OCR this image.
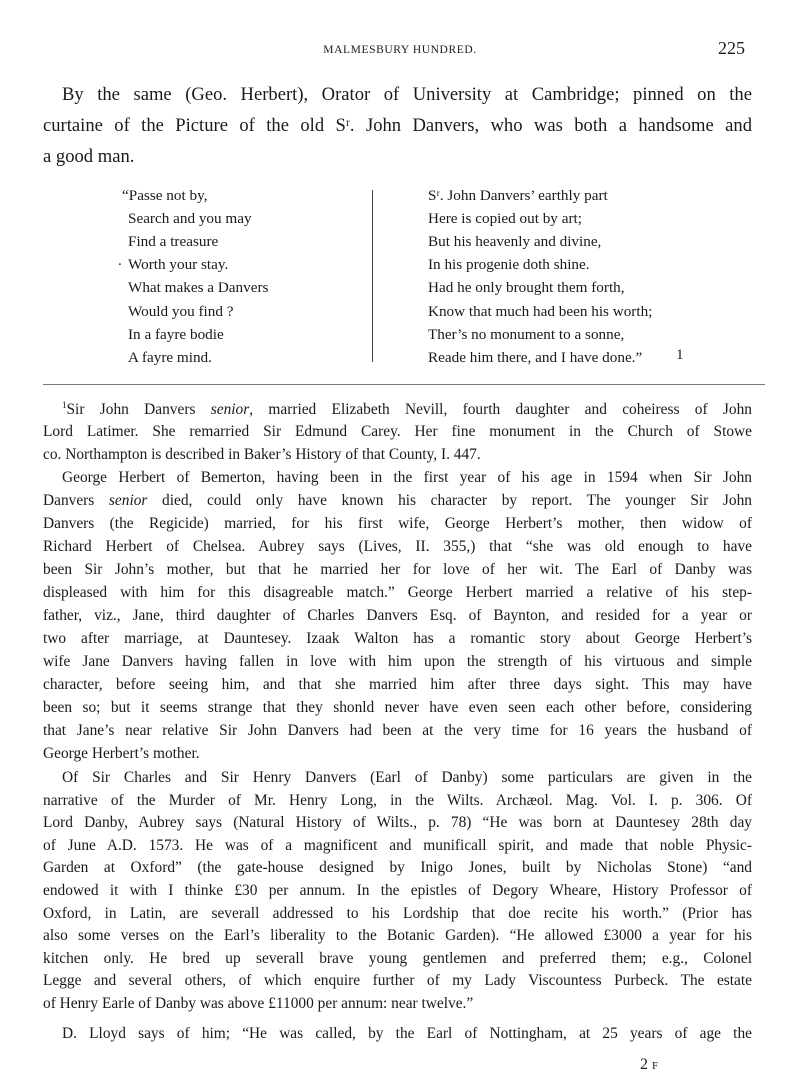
MALMESBURY HUNDRED.	225
By the same (Geo. Herbert), Orator of University at Cambridge; pinned on the
curtaine of the Picture of the old Sʳ. John Danvers, who was both a handsome and
a good man.
“Passe not by,
Search and you may
Find a treasure
Worth your stay.
What makes a Danvers
Would you find ?
In a fayre bodie
A fayre mind.
Sʳ. John Danvers’ earthly part
Here is copied out by art;
But his heavenly and divine,
In his progenie doth shine.
Had he only brought them forth,
Know that much had been his worth;
Ther’s no monument to a sonne,
Reade him there, and I have done.” 1
.
$^1$Sir John Danvers senior, married Elizabeth Nevill, fourth daughter and coheiress of John
Lord Latimer. She remarried Sir Edmund Carey. Her fine monument in the Church of Stowe
co. Northampton is described in Baker’s History of that County, I. 447.
George Herbert of Bemerton, having been in the first year of his age in 1594 when Sir John
Danvers senior died, could only have known his character by report. The younger Sir John
Danvers (the Regicide) married, for his first wife, George Herbert’s mother, then widow of
Richard Herbert of Chelsea. Aubrey says (Lives, II. 355,) that “she was old enough to have
been Sir John’s mother, but that he married her for love of her wit. The Earl of Danby was
displeased with him for this disagreable match.” George Herbert married a relative of his step-
father, viz., Jane, third daughter of Charles Danvers Esq. of Baynton, and resided for a year or
two after marriage, at Dauntesey. Izaak Walton has a romantic story about George Herbert’s
wife Jane Danvers having fallen in love with him upon the strength of his virtuous and simple
character, before seeing him, and that she married him after three days sight. This may have
been so; but it seems strange that they shonld never have even seen each other before, considering
that Jane’s near relative Sir John Danvers had been at the very time for 16 years the husband of
George Herbert’s mother.
Of Sir Charles and Sir Henry Danvers (Earl of Danby) some particulars are given in the
narrative of the Murder of Mr. Henry Long, in the Wilts. Archæol. Mag. Vol. I. p. 306. Of
Lord Danby, Aubrey says (Natural History of Wilts., p. 78) “He was born at Dauntesey 28th day
of June A.D. 1573. He was of a magnificent and munificall spirit, and made that noble Physic-
Garden at Oxford” (the gate-house designed by Inigo Jones, built by Nicholas Stone) “and
endowed it with I thinke £30 per annum. In the epistles of Degory Wheare, History Professor of
Oxford, in Latin, are severall addressed to his Lordship that doe recite his worth.” (Prior has
also some verses on the Earl’s liberality to the Botanic Garden). “He allowed £3000 a year for his
kitchen only. He bred up severall brave young gentlemen and preferred them; e.g., Colonel
Legge and several others, of which enquire further of my Lady Viscountess Purbeck. The estate
of Henry Earle of Danby was above £11000 per annum: near twelve.”
D. Lloyd says of him; “He was called, by the Earl of Nottingham, at 25 years of age the
2 F
